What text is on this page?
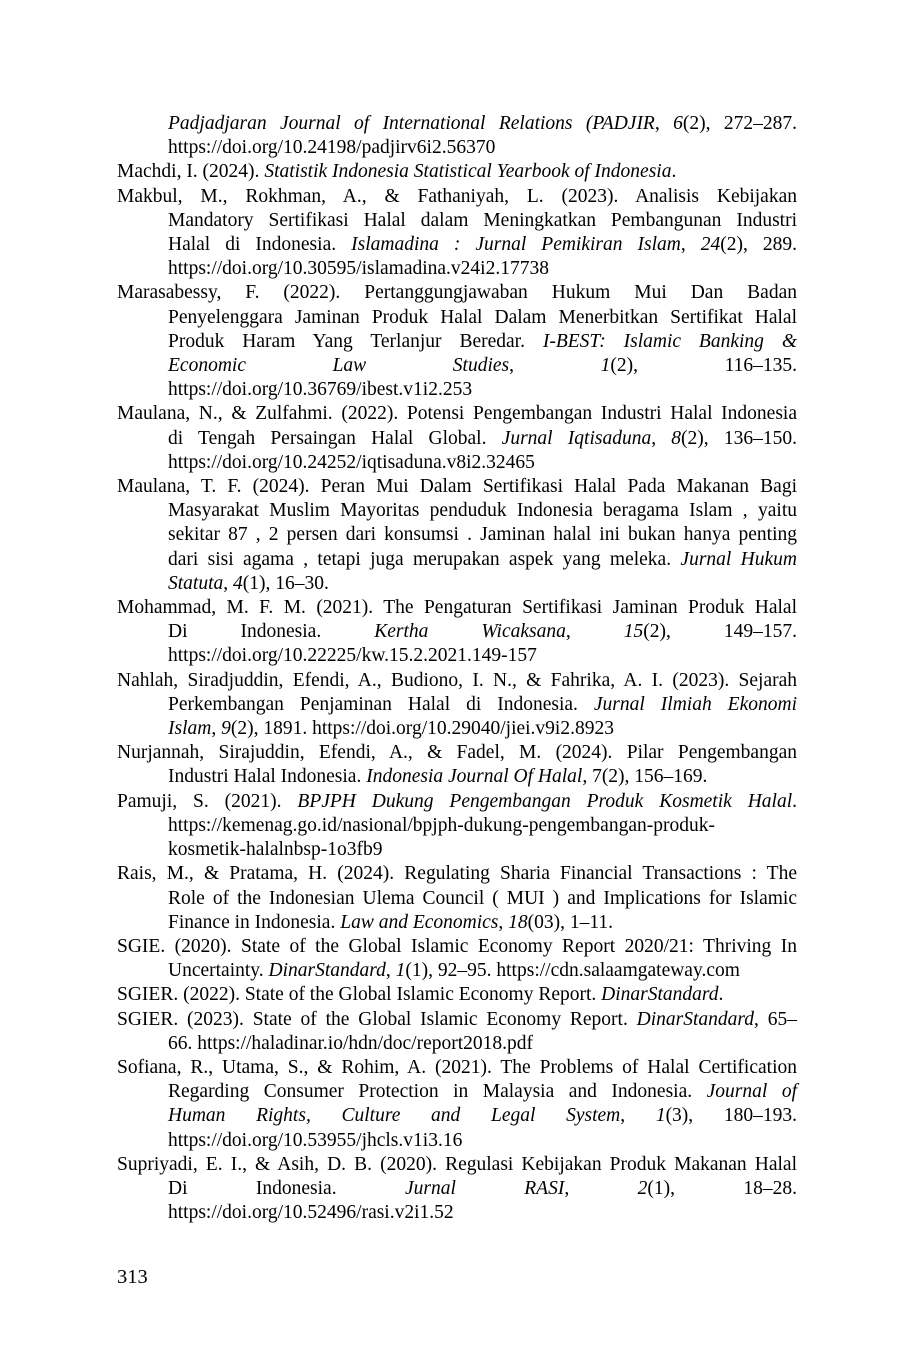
Padjadjaran Journal of International Relations (PADJIR, 6(2), 272–287.
https://doi.org/10.24198/padjirv6i2.56370
Machdi, I. (2024). Statistik Indonesia Statistical Yearbook of Indonesia.
Makbul, M., Rokhman, A., & Fathaniyah, L. (2023). Analisis Kebijakan
Mandatory Sertifikasi Halal dalam Meningkatkan Pembangunan Industri
Halal di Indonesia. Islamadina : Jurnal Pemikiran Islam, 24(2), 289.
https://doi.org/10.30595/islamadina.v24i2.17738
Marasabessy, F. (2022). Pertanggungjawaban Hukum Mui Dan Badan
Penyelenggara Jaminan Produk Halal Dalam Menerbitkan Sertifikat Halal
Produk Haram Yang Terlanjur Beredar. I-BEST: Islamic Banking &
Economic Law Studies, 1(2), 116–135.
https://doi.org/10.36769/ibest.v1i2.253
Maulana, N., & Zulfahmi. (2022). Potensi Pengembangan Industri Halal Indonesia
di Tengah Persaingan Halal Global. Jurnal Iqtisaduna, 8(2), 136–150.
https://doi.org/10.24252/iqtisaduna.v8i2.32465
Maulana, T. F. (2024). Peran Mui Dalam Sertifikasi Halal Pada Makanan Bagi
Masyarakat Muslim Mayoritas penduduk Indonesia beragama Islam , yaitu
sekitar 87 , 2 persen dari konsumsi . Jaminan halal ini bukan hanya penting
dari sisi agama , tetapi juga merupakan aspek yang meleka. Jurnal Hukum
Statuta, 4(1), 16–30.
Mohammad, M. F. M. (2021). The Pengaturan Sertifikasi Jaminan Produk Halal
Di Indonesia. Kertha Wicaksana, 15(2), 149–157.
https://doi.org/10.22225/kw.15.2.2021.149-157
Nahlah, Siradjuddin, Efendi, A., Budiono, I. N., & Fahrika, A. I. (2023). Sejarah
Perkembangan Penjaminan Halal di Indonesia. Jurnal Ilmiah Ekonomi
Islam, 9(2), 1891. https://doi.org/10.29040/jiei.v9i2.8923
Nurjannah, Sirajuddin, Efendi, A., & Fadel, M. (2024). Pilar Pengembangan
Industri Halal Indonesia. Indonesia Journal Of Halal, 7(2), 156–169.
Pamuji, S. (2021). BPJPH Dukung Pengembangan Produk Kosmetik Halal.
https://kemenag.go.id/nasional/bpjph-dukung-pengembangan-produk-
kosmetik-halalnbsp-1o3fb9
Rais, M., & Pratama, H. (2024). Regulating Sharia Financial Transactions : The
Role of the Indonesian Ulema Council ( MUI ) and Implications for Islamic
Finance in Indonesia. Law and Economics, 18(03), 1–11.
SGIE. (2020). State of the Global Islamic Economy Report 2020/21: Thriving In
Uncertainty. DinarStandard, 1(1), 92–95. https://cdn.salaamgateway.com
SGIER. (2022). State of the Global Islamic Economy Report. DinarStandard.
SGIER. (2023). State of the Global Islamic Economy Report. DinarStandard, 65–
66. https://haladinar.io/hdn/doc/report2018.pdf
Sofiana, R., Utama, S., & Rohim, A. (2021). The Problems of Halal Certification
Regarding Consumer Protection in Malaysia and Indonesia. Journal of
Human Rights, Culture and Legal System, 1(3), 180–193.
https://doi.org/10.53955/jhcls.v1i3.16
Supriyadi, E. I., & Asih, D. B. (2020). Regulasi Kebijakan Produk Makanan Halal
Di Indonesia. Jurnal RASI, 2(1), 18–28.
https://doi.org/10.52496/rasi.v2i1.52
313
